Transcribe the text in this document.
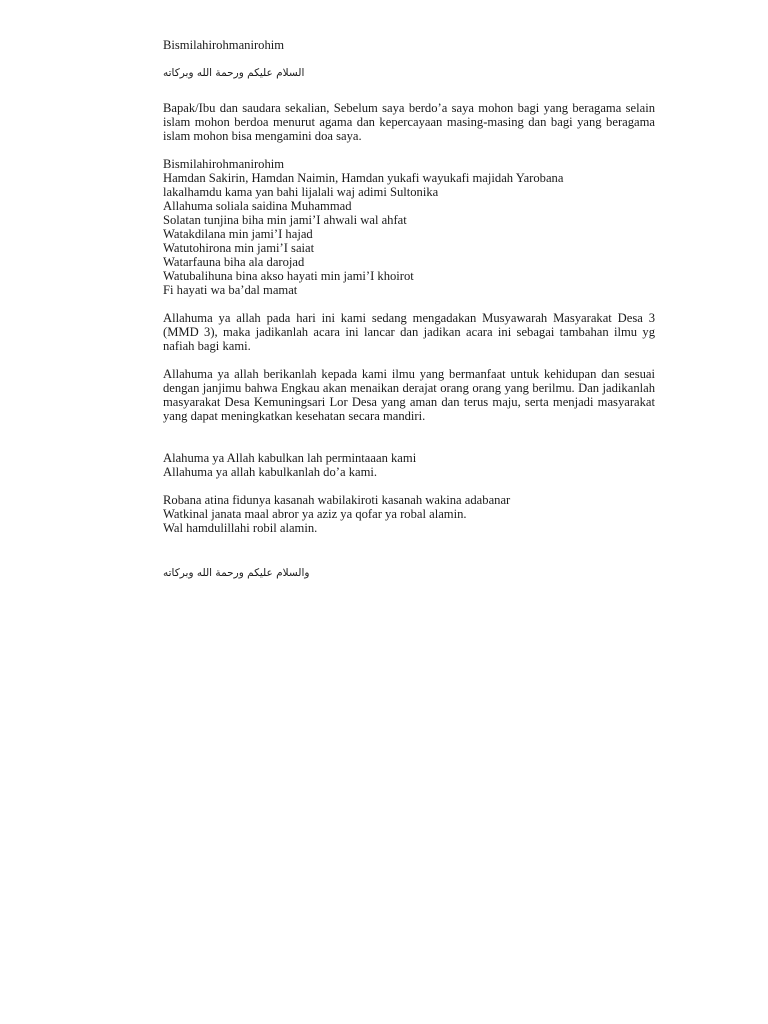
Bismilahirohmanirohim

السلام عليكم ورحمة الله وبركاته

Bapak/Ibu dan saudara sekalian, Sebelum saya berdo’a saya mohon bagi yang beragama selain islam mohon berdoa menurut agama dan kepercayaan masing-masing dan bagi yang beragama islam mohon bisa mengamini doa saya.

Bismilahirohmanirohim

Hamdan Sakirin, Hamdan Naimin, Hamdan yukafi wayukafi majidah Yarobana

lakalhamdu kama yan bahi lijalali waj adimi Sultonika

Allahuma soliala saidina Muhammad

Solatan tunjina biha min jami’I ahwali wal ahfat

Watakdilana min jami’I hajad

Watutohirona min jami’I saiat

Watarfauna biha ala darojad

Watubalihuna bina akso hayati min jami’I khoirot

Fi hayati wa ba’dal mamat

Allahuma ya allah pada hari ini kami sedang mengadakan Musyawarah Masyarakat Desa 3 (MMD 3), maka jadikanlah acara ini lancar dan jadikan acara ini sebagai tambahan ilmu yg nafiah bagi kami.

Allahuma ya allah berikanlah kepada kami ilmu yang bermanfaat untuk kehidupan dan sesuai dengan janjimu bahwa Engkau akan menaikan derajat orang orang yang berilmu. Dan jadikanlah masyarakat Desa Kemuningsari Lor Desa yang aman dan terus maju, serta menjadi masyarakat yang dapat meningkatkan kesehatan secara mandiri.

Alahuma ya Allah kabulkan lah permintaaan kami

Allahuma ya allah kabulkanlah do’a kami.

Robana atina fidunya kasanah wabilakiroti kasanah wakina adabanar

Watkinal janata maal abror ya aziz ya qofar ya robal alamin.

Wal hamdulillahi robil alamin.

والسلام عليكم ورحمة الله وبركاته
